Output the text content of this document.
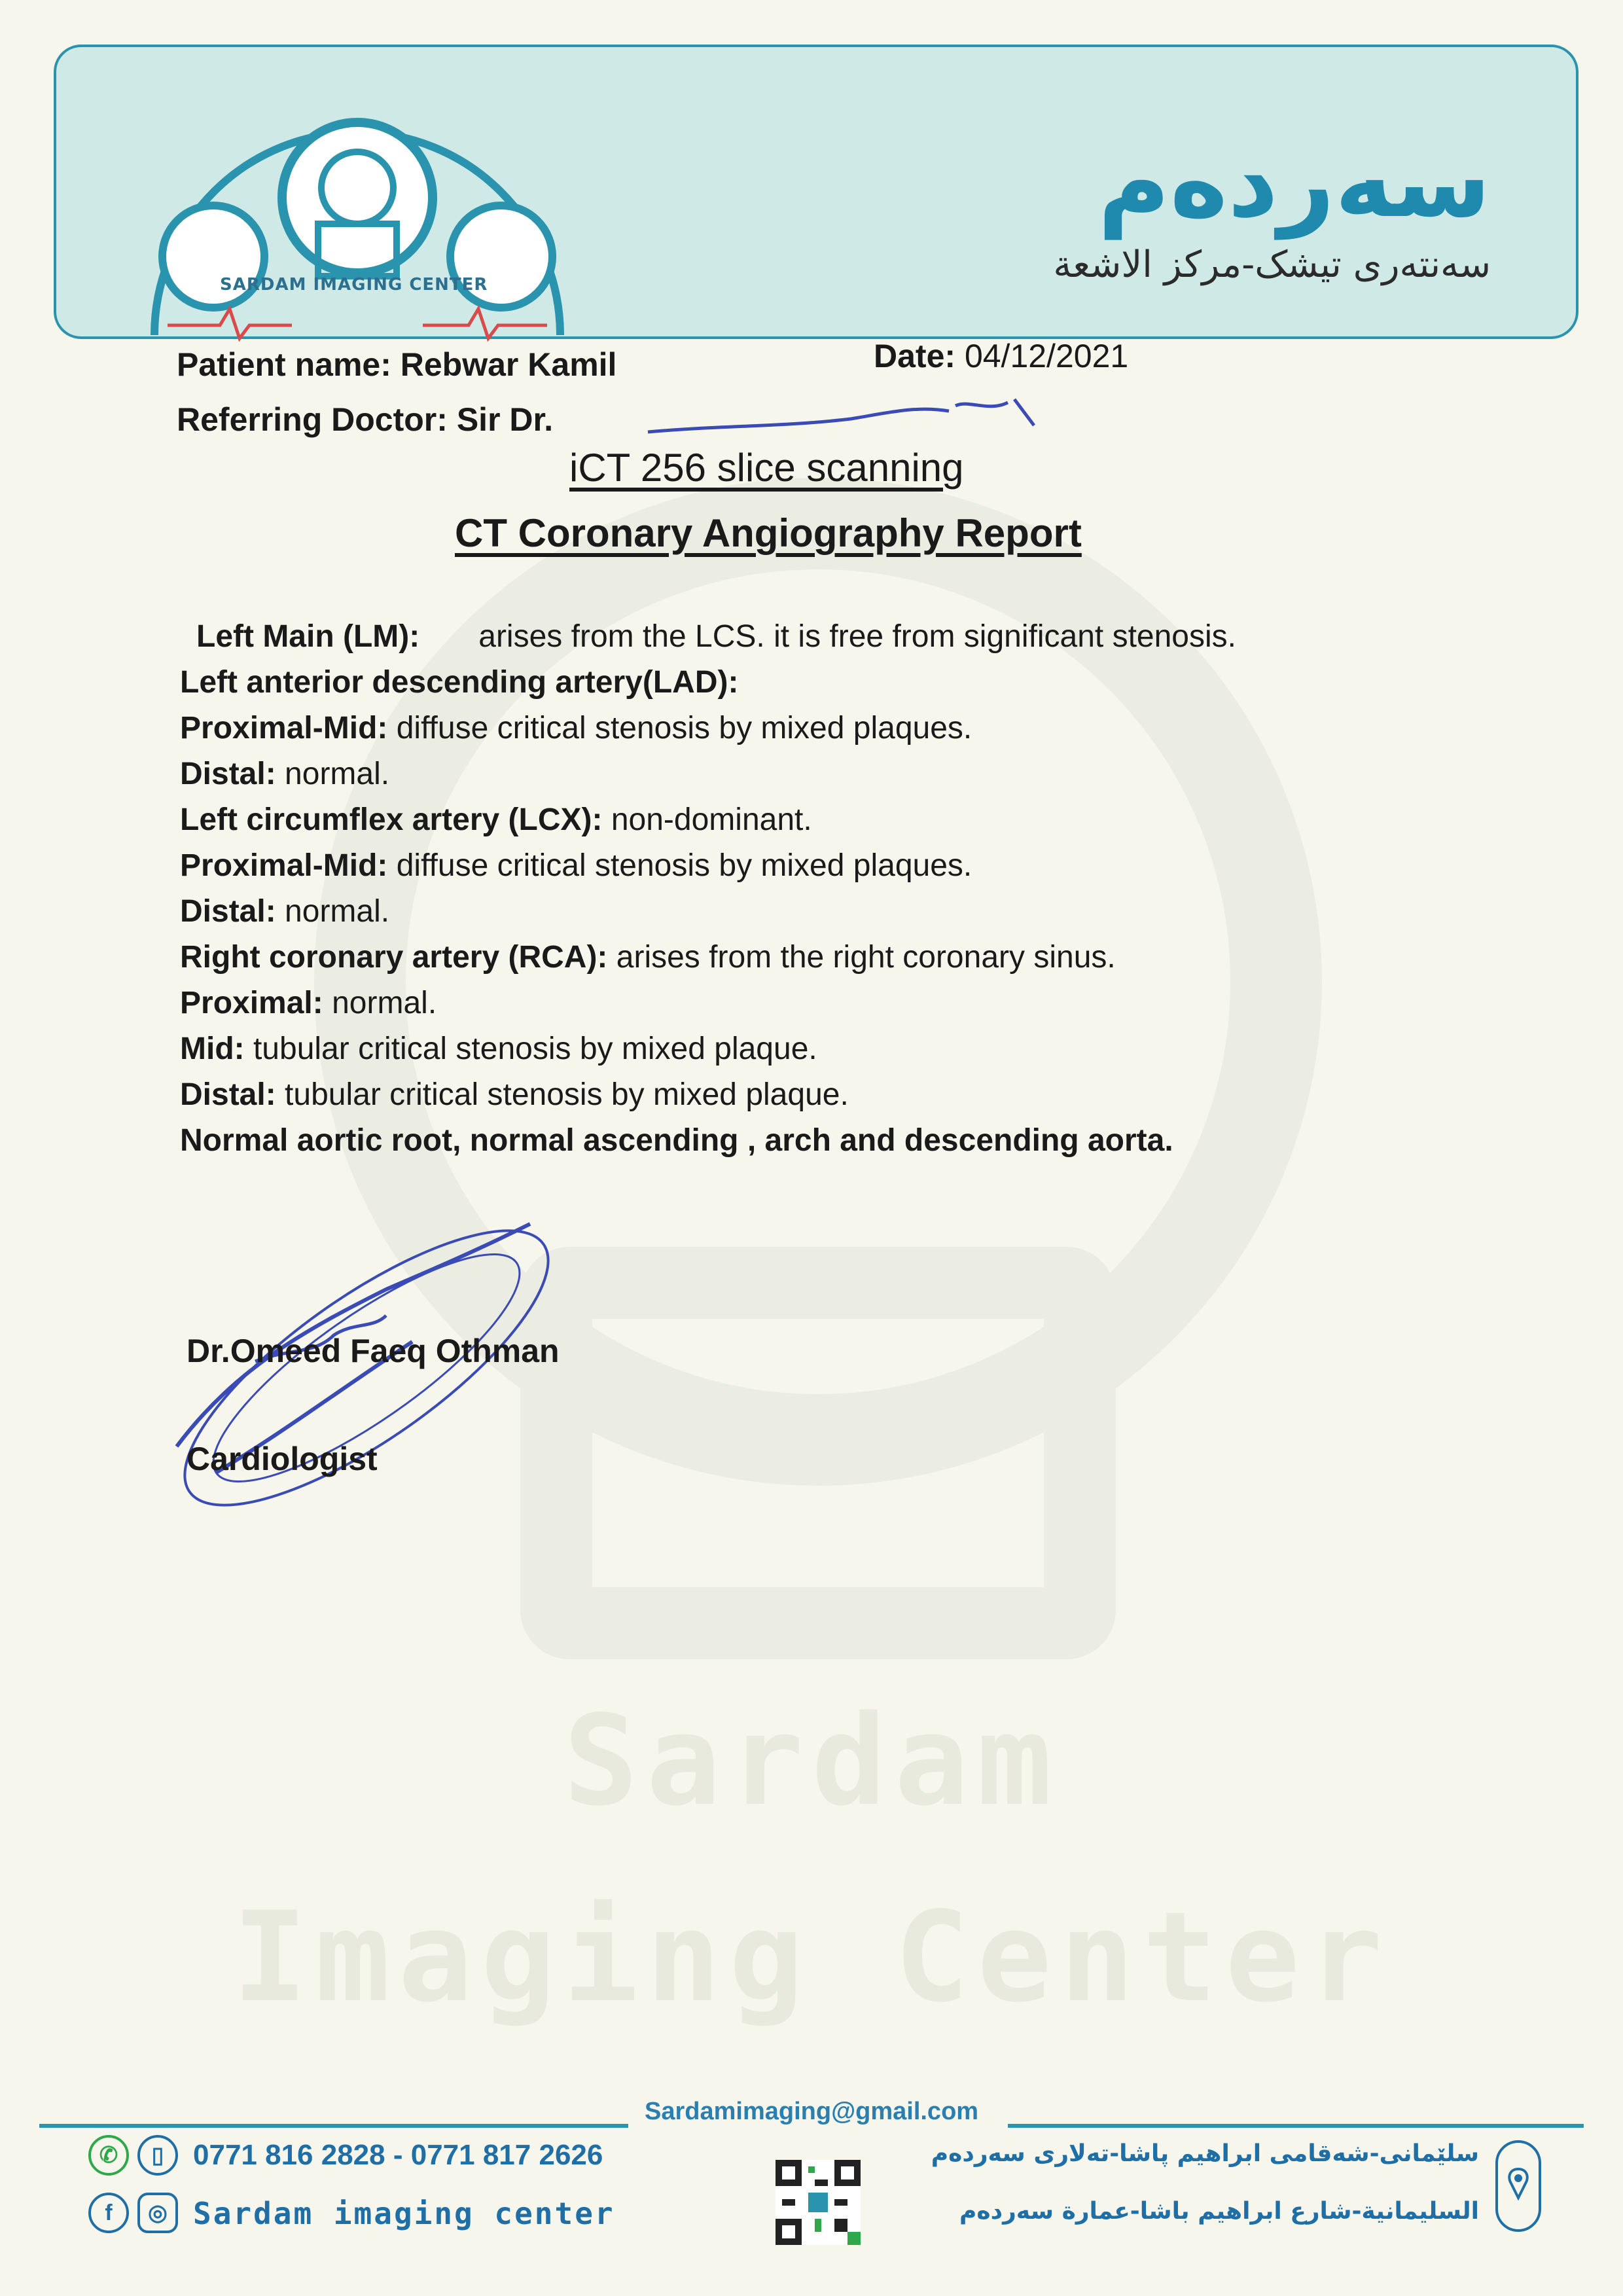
Sardam
Imaging Center
SARDAM IMAGING CENTER
سەردەم
سەنتەری تیشک-مرکز الاشعة
Patient name: Rebwar Kamil	Date: 04/12/2021
Referring Doctor: Sir Dr.
iCT 256 slice scanning
CT Coronary Angiography Report
Left Main (LM): arises from the LCS. it is free from significant stenosis.
Left anterior descending artery(LAD):
Proximal-Mid: diffuse critical stenosis by mixed plaques.
Distal: normal.
Left circumflex artery (LCX): non-dominant.
Proximal-Mid: diffuse critical stenosis by mixed plaques.
Distal: normal.
Right coronary artery (RCA): arises from the right coronary sinus.
Proximal: normal.
Mid: tubular critical stenosis by mixed plaque.
Distal: tubular critical stenosis by mixed plaque.
Normal aortic root, normal ascending , arch and descending aorta.
Dr.Omeed Faeq Othman
Cardiologist
Sardamimaging@gmail.com
✆	▯	0771 816 2828 - 0771 817 2626
f	◎ Sardam imaging center
سلێمانی-شەقامی ابراهیم پاشا-تەلاری سەردەم
السليمانية-شارع ابراهيم باشا-عمارة سەردەم
